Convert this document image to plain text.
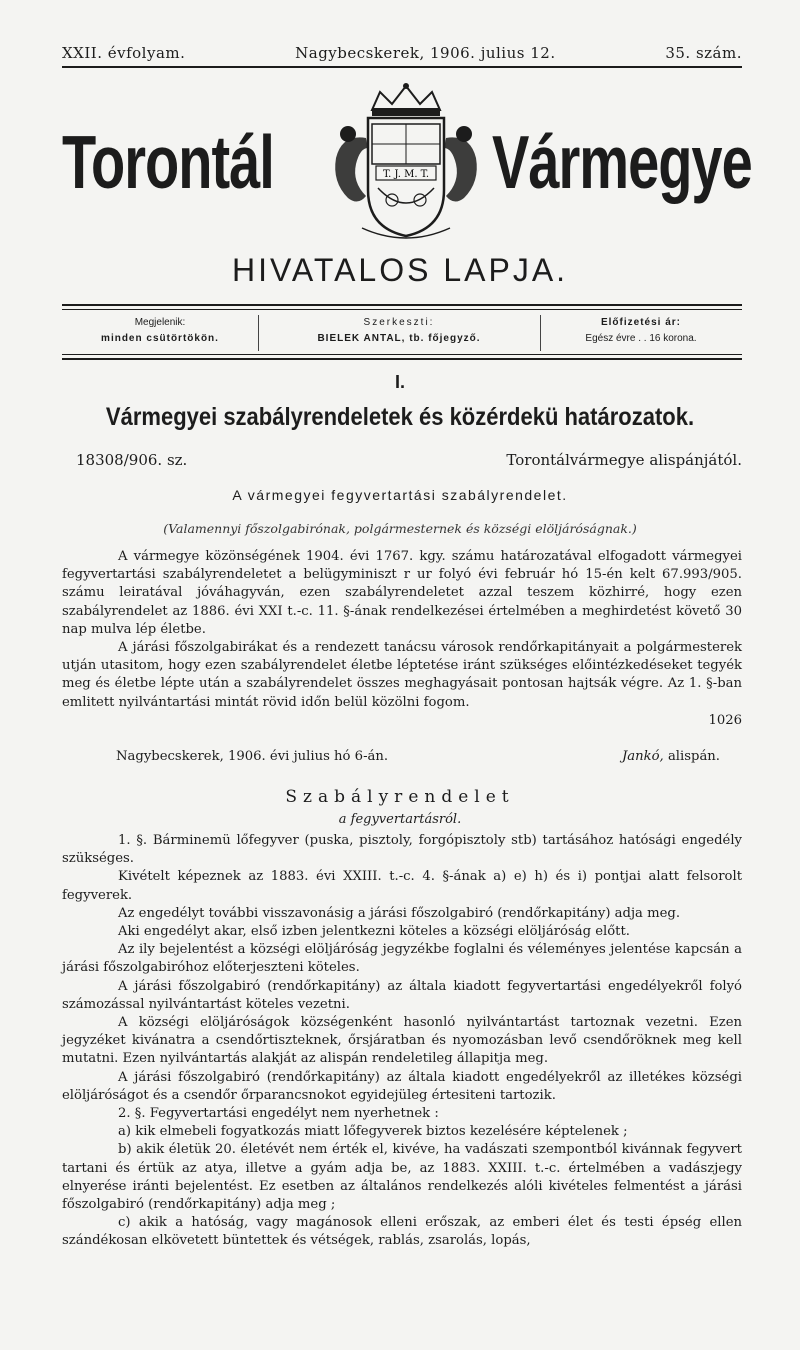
XXII. évfolyam.	Nagybecskerek, 1906. julius 12.	35. szám.
Torontál	Vármegye
T. J. M. T.
HIVATALOS LAPJA.
Megjelenik:
minden csütörtökön.
Szerkeszti:
BIELEK ANTAL, tb. főjegyző.
Előfizetési ár:
Egész évre . . 16 korona.
I.
Vármegyei szabályrendeletek és közérdekü határozatok.
18308/906. sz.	Torontálvármegye alispánjától.
A vármegyei fegyvertartási szabályrendelet.
(Valamennyi főszolgabirónak, polgármesternek és községi elöljáróságnak.)

A vármegye közönségének 1904. évi 1767. kgy. számu határozatával elfogadott vármegyei fegyvertartási szabályrendeletet a belügyminiszt r ur folyó évi február hó 15-én kelt 67.993/905. számu leiratával jóváhagyván, ezen szabályrendeletet azzal teszem közhirré, hogy ezen szabályrendelet az 1886. évi XXI t.-c. 11. §-ának rendelkezései értelmében a meghirdetést követő 30 nap mulva lép életbe.

A járási főszolgabirákat és a rendezett tanácsu városok rendőrkapitányait a polgármesterek utján utasitom, hogy ezen szabályrendelet életbe léptetése iránt szükséges előintézkedéseket tegyék meg és életbe lépte után a szabályrendelet összes meghagyásait pontosan hajtsák végre. Az 1. §-ban emlitett nyilvántartási mintát rövid időn belül közölni fogom.

1026
Nagybecskerek, 1906. évi julius hó 6-án.	Jankó, alispán.
Szabályrendelet
a fegyvertartásról.

1. §. Bárminemü lőfegyver (puska, pisztoly, forgópisztoly stb) tartásához hatósági engedély szükséges.

Kivételt képeznek az 1883. évi XXIII. t.-c. 4. §-ának a) e) h) és i) pontjai alatt felsorolt fegyverek.

Az engedélyt további visszavonásig a járási főszolgabiró (rendőrkapitány) adja meg.

Aki engedélyt akar, első izben jelentkezni köteles a községi elöljáróság előtt.

Az ily bejelentést a községi elöljáróság jegyzékbe foglalni és véleményes jelentése kapcsán a járási főszolgabiróhoz előterjeszteni köteles.

A járási főszolgabiró (rendőrkapitány) az általa kiadott fegyvertartási engedélyekről folyó számozással nyilvántartást köteles vezetni.

A községi elöljáróságok községenként hasonló nyilvántartást tartoznak vezetni. Ezen jegyzéket kivánatra a csendőrtiszteknek, őrsjáratban és nyomozásban levő csendőröknek meg kell mutatni. Ezen nyilvántartás alakját az alispán rendeletileg állapitja meg.

A járási főszolgabiró (rendőrkapitány) az általa kiadott engedélyekről az illetékes községi elöljáróságot és a csendőr őrparancsnokot egyidejüleg értesiteni tartozik.

2. §. Fegyvertartási engedélyt nem nyerhetnek :

a) kik elmebeli fogyatkozás miatt lőfegyverek biztos kezelésére képtelenek ;

b) akik életük 20. életévét nem érték el, kivéve, ha vadászati szempontból kivánnak fegyvert tartani és értük az atya, illetve a gyám adja be, az 1883. XXIII. t.-c. értelmében a vadászjegy elnyerése iránti bejelentést. Ez esetben az általános rendelkezés alóli kivételes felmentést a járási főszolgabiró (rendőrkapitány) adja meg ;

c) akik a hatóság, vagy magánosok elleni erőszak, az emberi élet és testi épség ellen szándékosan elkövetett büntettek és vétségek, rablás, zsarolás, lopás,
